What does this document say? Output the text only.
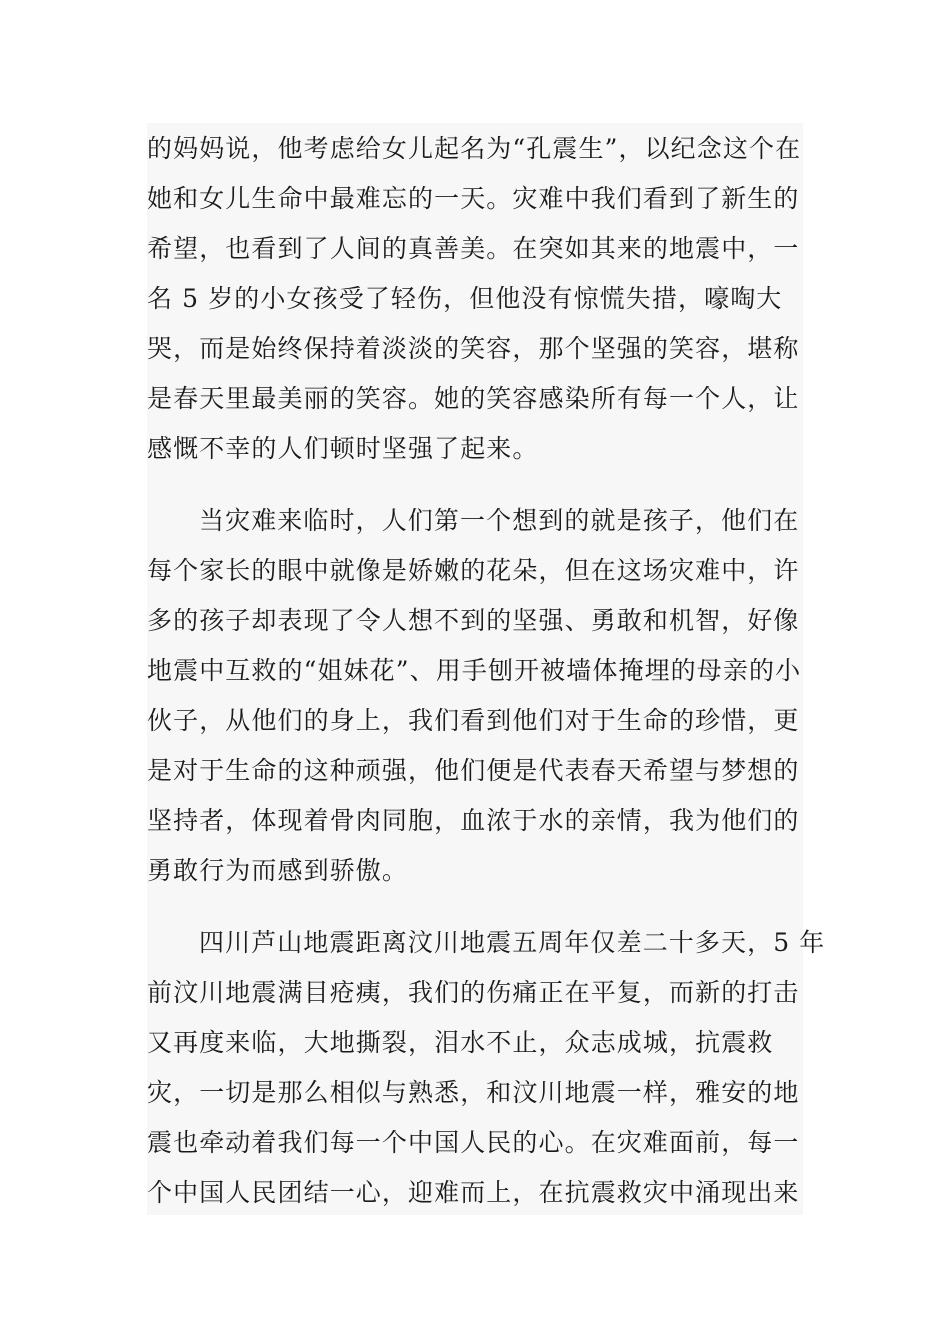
的妈妈说，他考虑给女儿起名为“孔震生”，以纪念这个在
她和女儿生命中最难忘的一天。灾难中我们看到了新生的
希望，也看到了人间的真善美。在突如其来的地震中，一
名 5 岁的小女孩受了轻伤，但他没有惊慌失措，嚎啕大
哭，而是始终保持着淡淡的笑容，那个坚强的笑容，堪称
是春天里最美丽的笑容。她的笑容感染所有每一个人，让
感慨不幸的人们顿时坚强了起来。
当灾难来临时，人们第一个想到的就是孩子，他们在
每个家长的眼中就像是娇嫩的花朵，但在这场灾难中，许
多的孩子却表现了令人想不到的坚强、勇敢和机智，好像
地震中互救的“姐妹花”、用手刨开被墙体掩埋的母亲的小
伙子，从他们的身上，我们看到他们对于生命的珍惜，更
是对于生命的这种顽强，他们便是代表春天希望与梦想的
坚持者，体现着骨肉同胞，血浓于水的亲情，我为他们的
勇敢行为而感到骄傲。
四川芦山地震距离汶川地震五周年仅差二十多天，5 年
前汶川地震满目疮痍，我们的伤痛正在平复，而新的打击
又再度来临，大地撕裂，泪水不止，众志成城，抗震救
灾，一切是那么相似与熟悉，和汶川地震一样，雅安的地
震也牵动着我们每一个中国人民的心。在灾难面前，每一
个中国人民团结一心，迎难而上，在抗震救灾中涌现出来
